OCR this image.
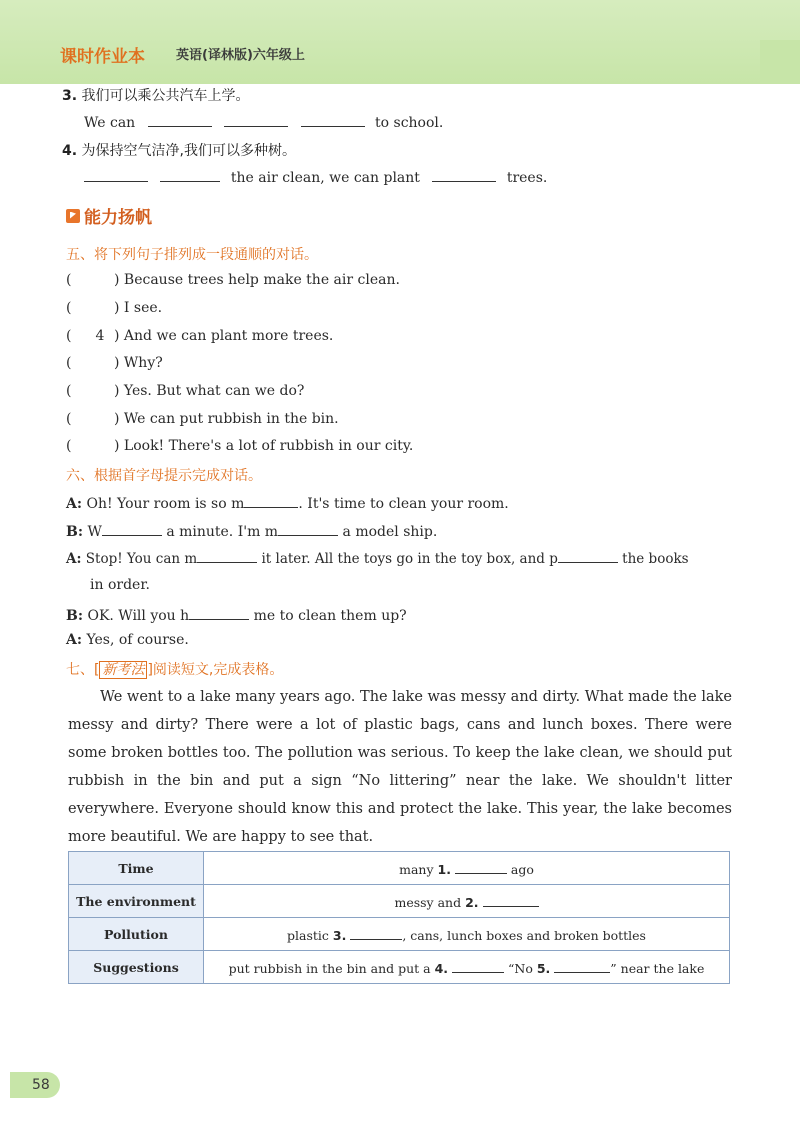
课时作业本 英语(译林版)六年级上
3. 我们可以乘公共汽车上学。
We can	to school.
4. 为保持空气洁净,我们可以多种树。
the air clean, we can plant	trees.
能力扬帆
五、将下列句子排列成一段通顺的对话。
(	) Because trees help make the air clean.
(	) I see.
( 4 ) And we can plant more trees.
(	) Why?
(	) Yes. But what can we do?
(	) We can put rubbish in the bin.
(	) Look! There's a lot of rubbish in our city.
六、根据首字母提示完成对话。
A: Oh! Your room is so m	. It's time to clean your room.
B: W	a minute. I'm m	a model ship.
A: Stop! You can m	it later. All the toys go in the toy box, and p	the books
in order.
B: OK. Will you h	me to clean them up?
A: Yes, of course.
七、[ 新考法 ]阅读短文,完成表格。
We went to a lake many years ago. The lake was messy and dirty. What made the lake messy and dirty? There were a lot of plastic bags, cans and lunch boxes. There were some broken bottles too. The pollution was serious. To keep the lake clean, we should put rubbish in the bin and put a sign “No littering” near the lake. We shouldn't litter everywhere. Everyone should know this and protect the lake. This year, the lake becomes more beautiful. We are happy to see that.
Time	many 1. ago
The environment	messy and 2.
Pollution	plastic 3. , cans, lunch boxes and broken bottles
Suggestions	put rubbish in the bin and put a 4. “No 5. ” near the lake
58
